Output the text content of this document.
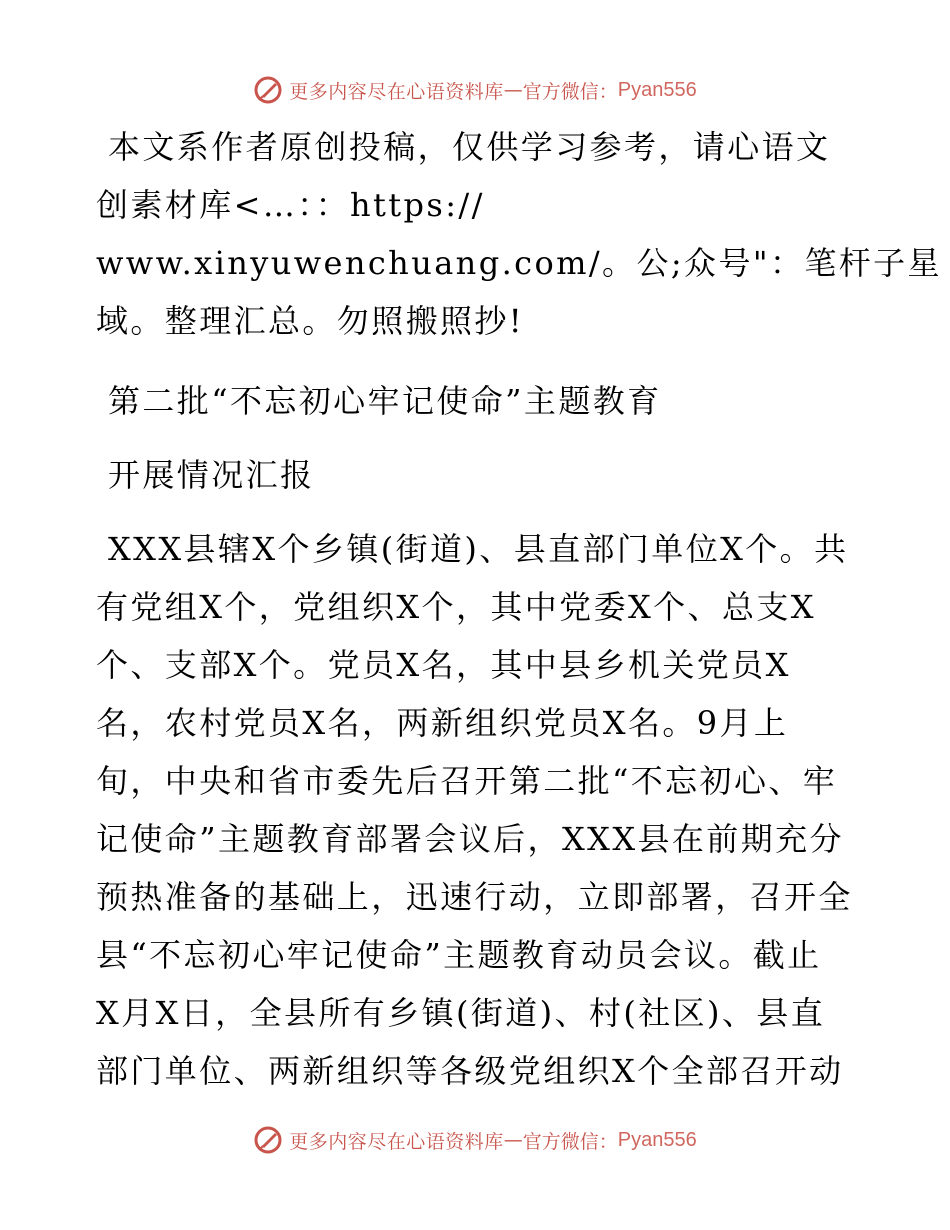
更多内容尽在心语资料库 — 官方微信： Pyan556
本文系作者原创投稿，仅供学习参考，请心语文
创素材库<…：：https://
www.xinyuwenchuang.com/。公;众号"：笔杆子星
域。整理汇总。勿照搬照抄!
第二批“不忘初心牢记使命”主题教育
开展情况汇报
XXX县辖X个乡镇(街道)、县直部门单位X个。共
有党组X个，党组织X个，其中党委X个、总支X
个、支部X个。党员X名，其中县乡机关党员X
名，农村党员X名，两新组织党员X名。9月上
旬，中央和省市委先后召开第二批“不忘初心、牢
记使命”主题教育部署会议后，XXX县在前期充分
预热准备的基础上，迅速行动，立即部署，召开全
县“不忘初心牢记使命”主题教育动员会议。截止
X月X日，全县所有乡镇(街道)、村(社区)、县直
部门单位、两新组织等各级党组织X个全部召开动
更多内容尽在心语资料库 — 官方微信： Pyan556
